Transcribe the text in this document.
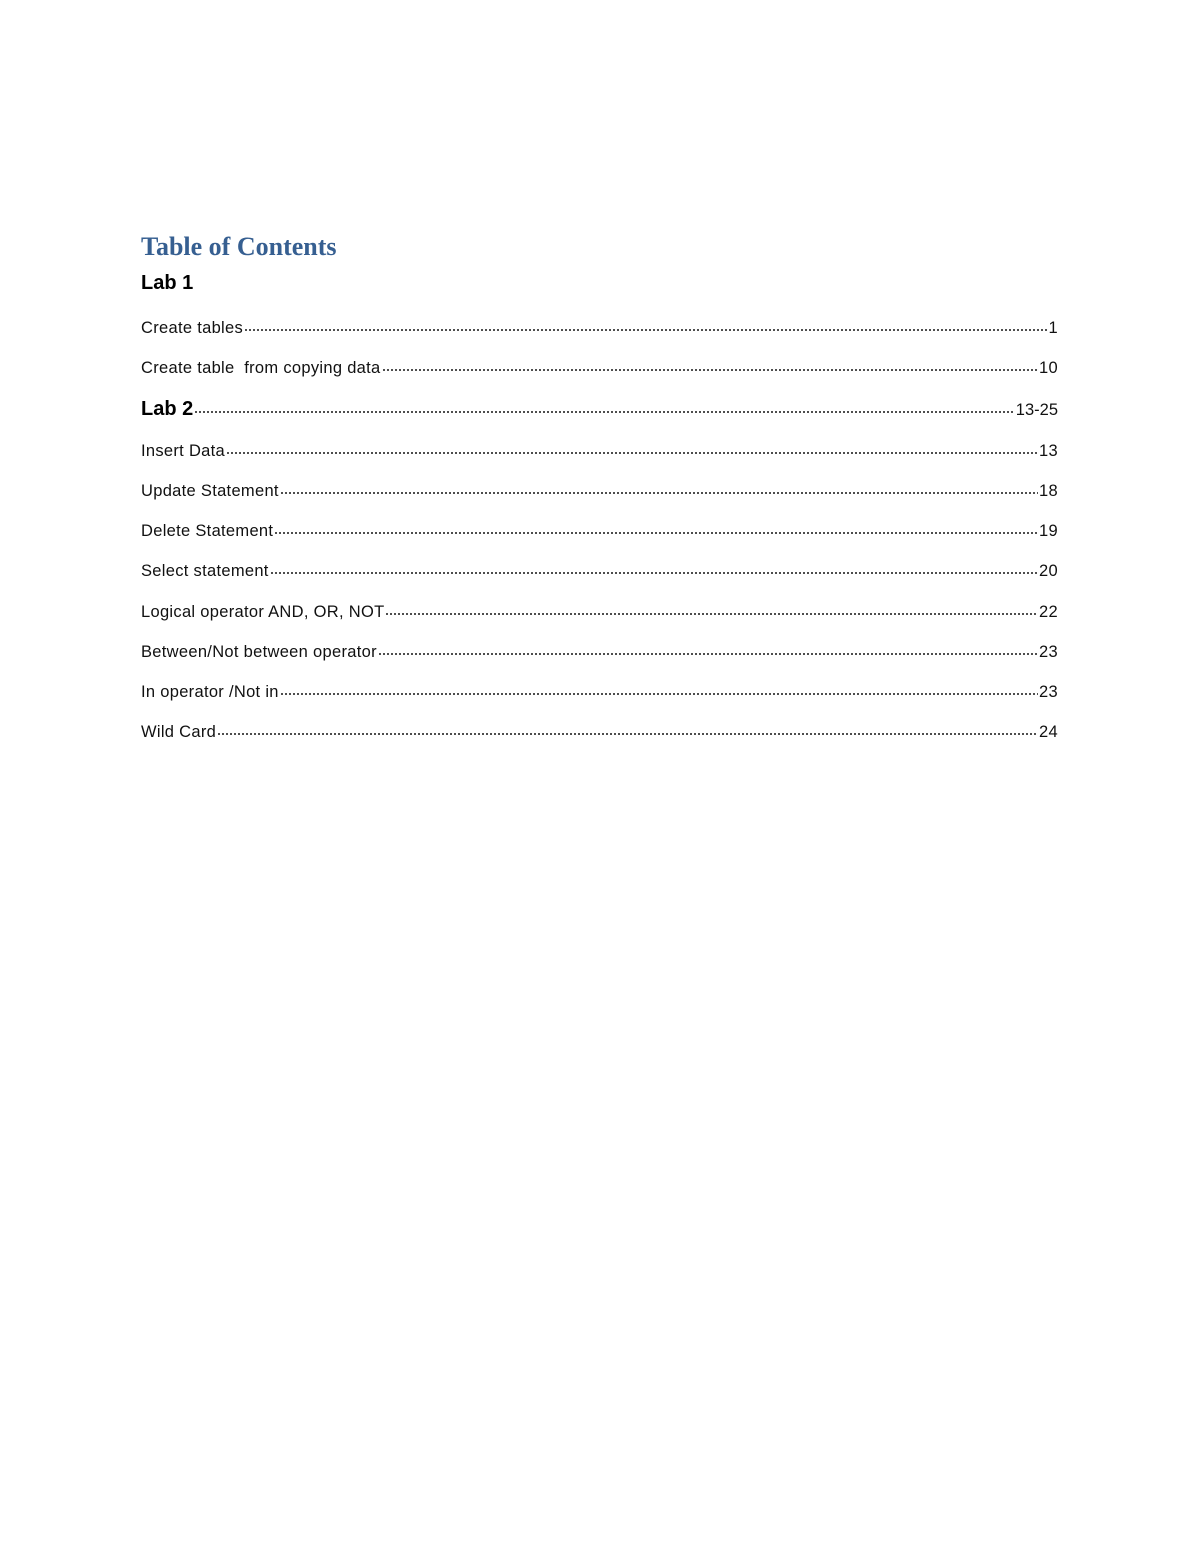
Table of Contents
Lab 1
Create tables	1
Create table  from copying data	10
Lab 2	13-25
Insert Data	13
Update Statement	18
Delete Statement	19
Select statement	20
Logical operator AND, OR, NOT	22
Between/Not between operator	23
In operator /Not in	23
Wild Card	24
